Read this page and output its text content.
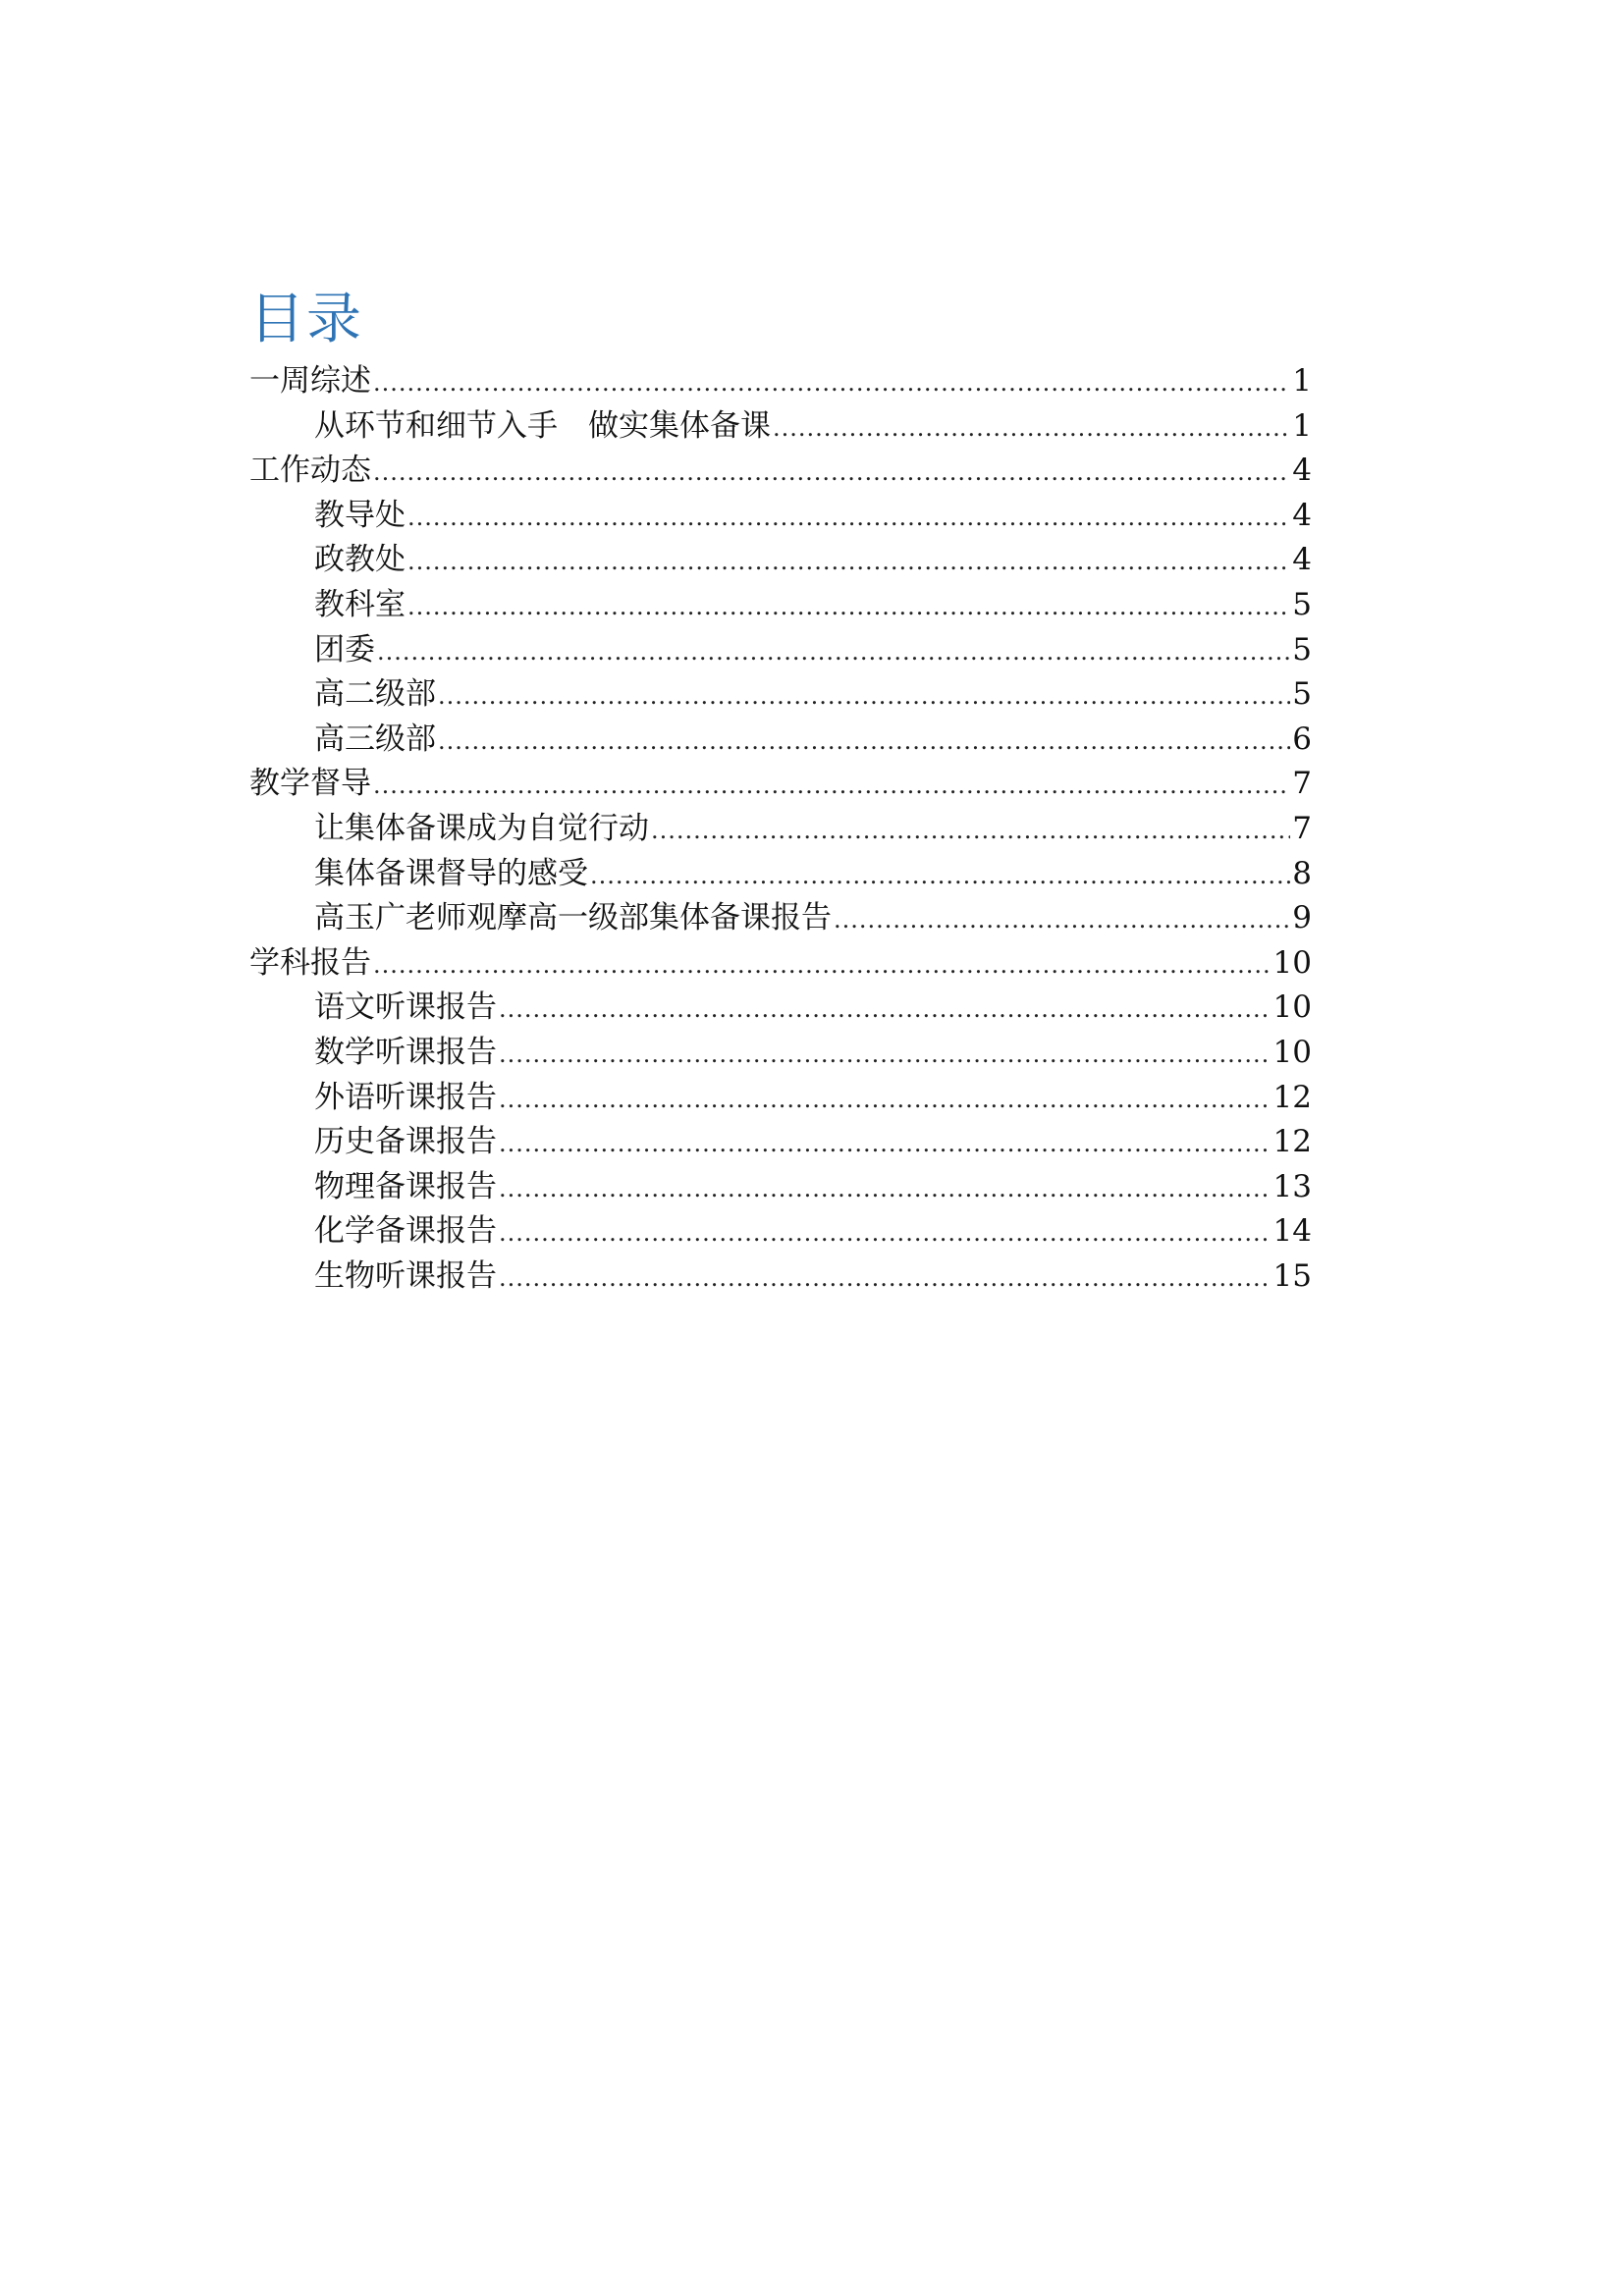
目录
一周综述 .....	1
从环节和细节入手　做实集体备课 .....	1
工作动态 .....	4
教导处 .....	4
政教处 .....	4
教科室 .....	5
团委 .....	5
高二级部 .....	5
高三级部 .....	6
教学督导 .....	7
让集体备课成为自觉行动 .....	7
集体备课督导的感受 .....	8
高玉广老师观摩高一级部集体备课报告 .....	9
学科报告 .....	10
语文听课报告 .....	10
数学听课报告 .....	10
外语听课报告 .....	12
历史备课报告 .....	12
物理备课报告 .....	13
化学备课报告 .....	14
生物听课报告 .....	15
